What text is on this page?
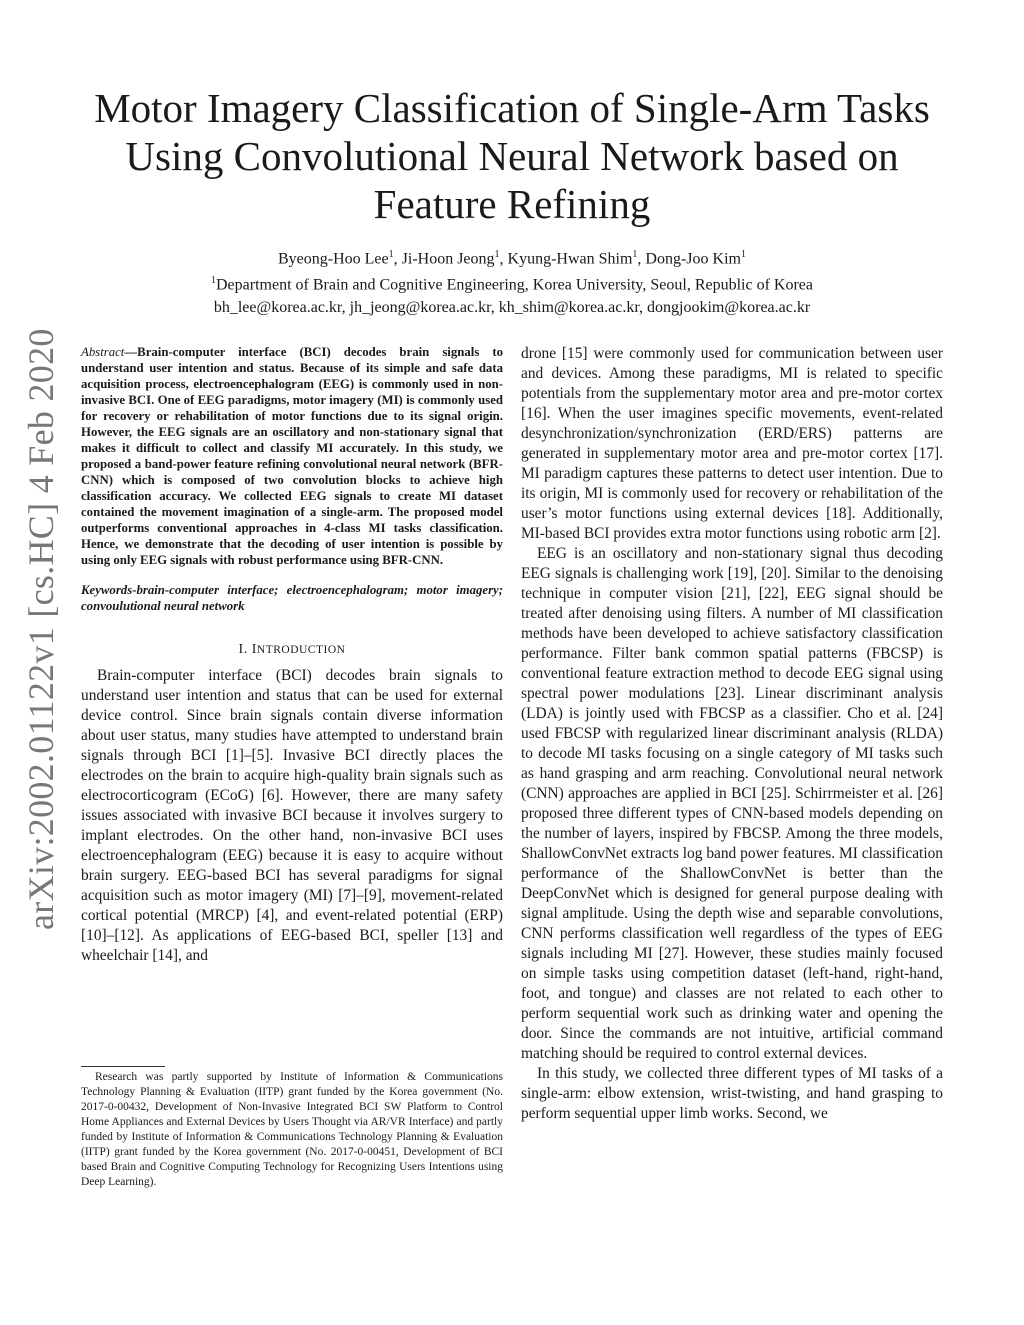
arXiv:2002.01122v1 [cs.HC] 4 Feb 2020
Motor Imagery Classification of Single-Arm Tasks Using Convolutional Neural Network based on Feature Refining
Byeong-Hoo Lee$^1$, Ji-Hoon Jeong$^1$, Kyung-Hwan Shim$^1$, Dong-Joo Kim$^1$
$^1$Department of Brain and Cognitive Engineering, Korea University, Seoul, Republic of Korea
bh_lee@korea.ac.kr, jh_jeong@korea.ac.kr, kh_shim@korea.ac.kr, dongjookim@korea.ac.kr
Abstract—Brain-computer interface (BCI) decodes brain signals to understand user intention and status. Because of its simple and safe data acquisition process, electroencephalogram (EEG) is commonly used in non-invasive BCI. One of EEG paradigms, motor imagery (MI) is commonly used for recovery or rehabilitation of motor functions due to its signal origin. However, the EEG signals are an oscillatory and non-stationary signal that makes it difficult to collect and classify MI accurately. In this study, we proposed a band-power feature refining convolutional neural network (BFR-CNN) which is composed of two convolution blocks to achieve high classification accuracy. We collected EEG signals to create MI dataset contained the movement imagination of a single-arm. The proposed model outperforms conventional approaches in 4-class MI tasks classification. Hence, we demonstrate that the decoding of user intention is possible by using only EEG signals with robust performance using BFR-CNN.
Keywords-brain-computer interface; electroencephalogram; motor imagery; convoulutional neural network
I. INTRODUCTION

Brain-computer interface (BCI) decodes brain signals to understand user intention and status that can be used for external device control. Since brain signals contain diverse information about user status, many studies have attempted to understand brain signals through BCI [1]–[5]. Invasive BCI directly places the electrodes on the brain to acquire high-quality brain signals such as electrocorticogram (ECoG) [6]. However, there are many safety issues associated with invasive BCI because it involves surgery to implant electrodes. On the other hand, non-invasive BCI uses electroencephalogram (EEG) because it is easy to acquire without brain surgery. EEG-based BCI has several paradigms for signal acquisition such as motor imagery (MI) [7]–[9], movement-related cortical potential (MRCP) [4], and event-related potential (ERP) [10]–[12]. As applications of EEG-based BCI, speller [13] and wheelchair [14], and

drone [15] were commonly used for communication between user and devices. Among these paradigms, MI is related to specific potentials from the supplementary motor area and pre-motor cortex [16]. When the user imagines specific movements, event-related desynchronization/synchronization (ERD/ERS) patterns are generated in supplementary motor area and pre-motor cortex [17]. MI paradigm captures these patterns to detect user intention. Due to its origin, MI is commonly used for recovery or rehabilitation of the user’s motor functions using external devices [18]. Additionally, MI-based BCI provides extra motor functions using robotic arm [2].

EEG is an oscillatory and non-stationary signal thus decoding EEG signals is challenging work [19], [20]. Similar to the denoising technique in computer vision [21], [22], EEG signal should be treated after denoising using filters. A number of MI classification methods have been developed to achieve satisfactory classification performance. Filter bank common spatial patterns (FBCSP) is conventional feature extraction method to decode EEG signal using spectral power modulations [23]. Linear discriminant analysis (LDA) is jointly used with FBCSP as a classifier. Cho et al. [24] used FBCSP with regularized linear discriminant analysis (RLDA) to decode MI tasks focusing on a single category of MI tasks such as hand grasping and arm reaching. Convolutional neural network (CNN) approaches are applied in BCI [25]. Schirrmeister et al. [26] proposed three different types of CNN-based models depending on the number of layers, inspired by FBCSP. Among the three models, ShallowConvNet extracts log band power features. MI classification performance of the ShallowConvNet is better than the DeepConvNet which is designed for general purpose dealing with signal amplitude. Using the depth wise and separable convolutions, CNN performs classification well regardless of the types of EEG signals including MI [27]. However, these studies mainly focused on simple tasks using competition dataset (left-hand, right-hand, foot, and tongue) and classes are not related to each other to perform sequential work such as drinking water and opening the door. Since the commands are not intuitive, artificial command matching should be required to control external devices.

In this study, we collected three different types of MI tasks of a single-arm: elbow extension, wrist-twisting, and hand grasping to perform sequential upper limb works. Second, we

Research was partly supported by Institute of Information & Communications Technology Planning & Evaluation (IITP) grant funded by the Korea government (No. 2017-0-00432, Development of Non-Invasive Integrated BCI SW Platform to Control Home Appliances and External Devices by Users Thought via AR/VR Interface) and partly funded by Institute of Information & Communications Technology Planning & Evaluation (IITP) grant funded by the Korea government (No. 2017-0-00451, Development of BCI based Brain and Cognitive Computing Technology for Recognizing Users Intentions using Deep Learning).
